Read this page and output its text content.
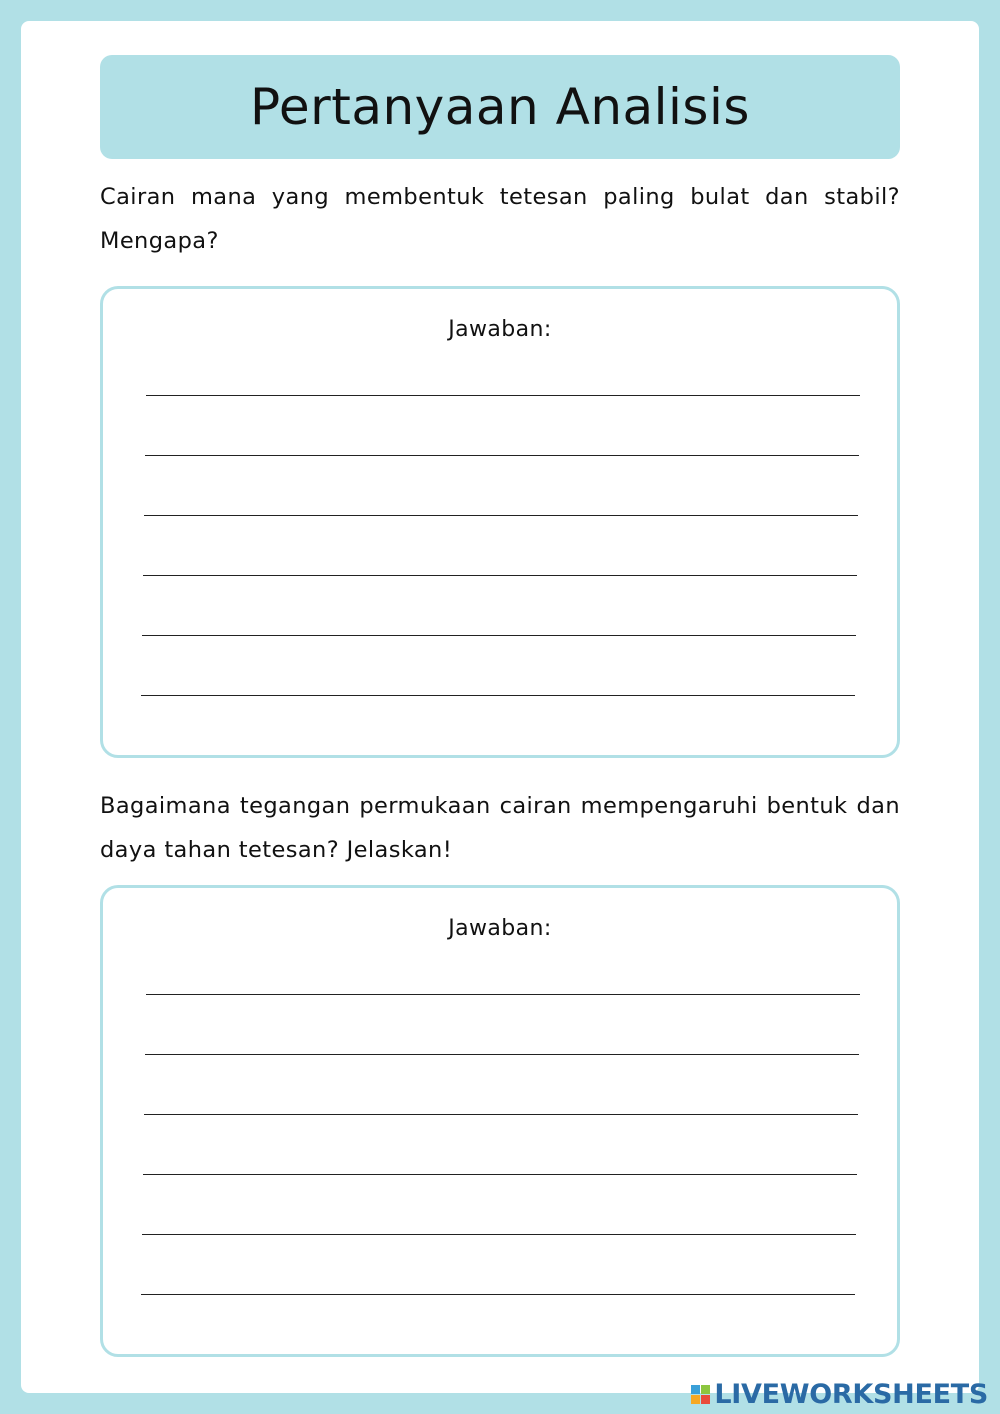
Pertanyaan Analisis

Cairan mana yang membentuk tetesan paling bulat dan stabil? Mengapa?

Jawaban:

Bagaimana tegangan permukaan cairan mempengaruhi bentuk dan daya tahan tetesan? Jelaskan!

Jawaban:
LIVEWORKSHEETS
